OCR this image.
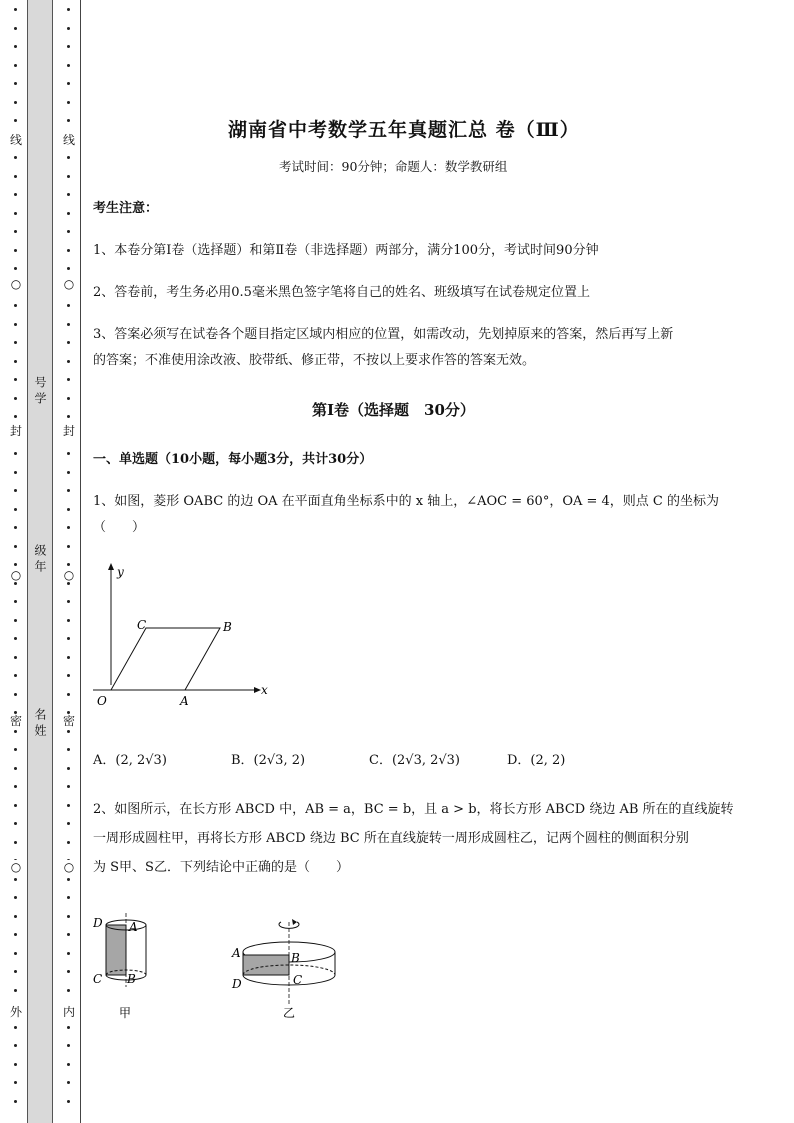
线
○
封
○
密
○
外
号学
级年
名姓
线
○
封
○
密
○
内
湖南省中考数学五年真题汇总 卷（Ⅲ）
考试时间：90分钟；命题人：数学教研组
考生注意：
1、本卷分第Ⅰ卷（选择题）和第Ⅱ卷（非选择题）两部分，满分100分，考试时间90分钟
2、答卷前，考生务必用0.5毫米黑色签字笔将自己的姓名、班级填写在试卷规定位置上
3、答案必须写在试卷各个题目指定区域内相应的位置，如需改动，先划掉原来的答案，然后再写上新
的答案；不准使用涂改液、胶带纸、修正带，不按以上要求作答的答案无效。
第Ⅰ卷（选择题　30分）
一、单选题（10小题，每小题3分，共计30分）
1、如图，菱形 OABC 的边 OA 在平面直角坐标系中的 x 轴上，∠AOC = 60°，OA = 4，则点 C 的坐标为
（　　）
y
x
O	A
B
C
A．(2, 2√3)	B．(2√3, 2)	C．(2√3, 2√3)	D．(2, 2)
2、如图所示，在长方形 ABCD 中，AB = a，BC = b，且 a > b，将长方形 ABCD 绕边 AB 所在的直线旋转
一周形成圆柱甲，再将长方形 ABCD 绕边 BC 所在直线旋转一周形成圆柱乙，记两个圆柱的侧面积分别
为 S甲、S乙．下列结论中正确的是（　　）
D A
C B
甲
A	B
D	C
乙
